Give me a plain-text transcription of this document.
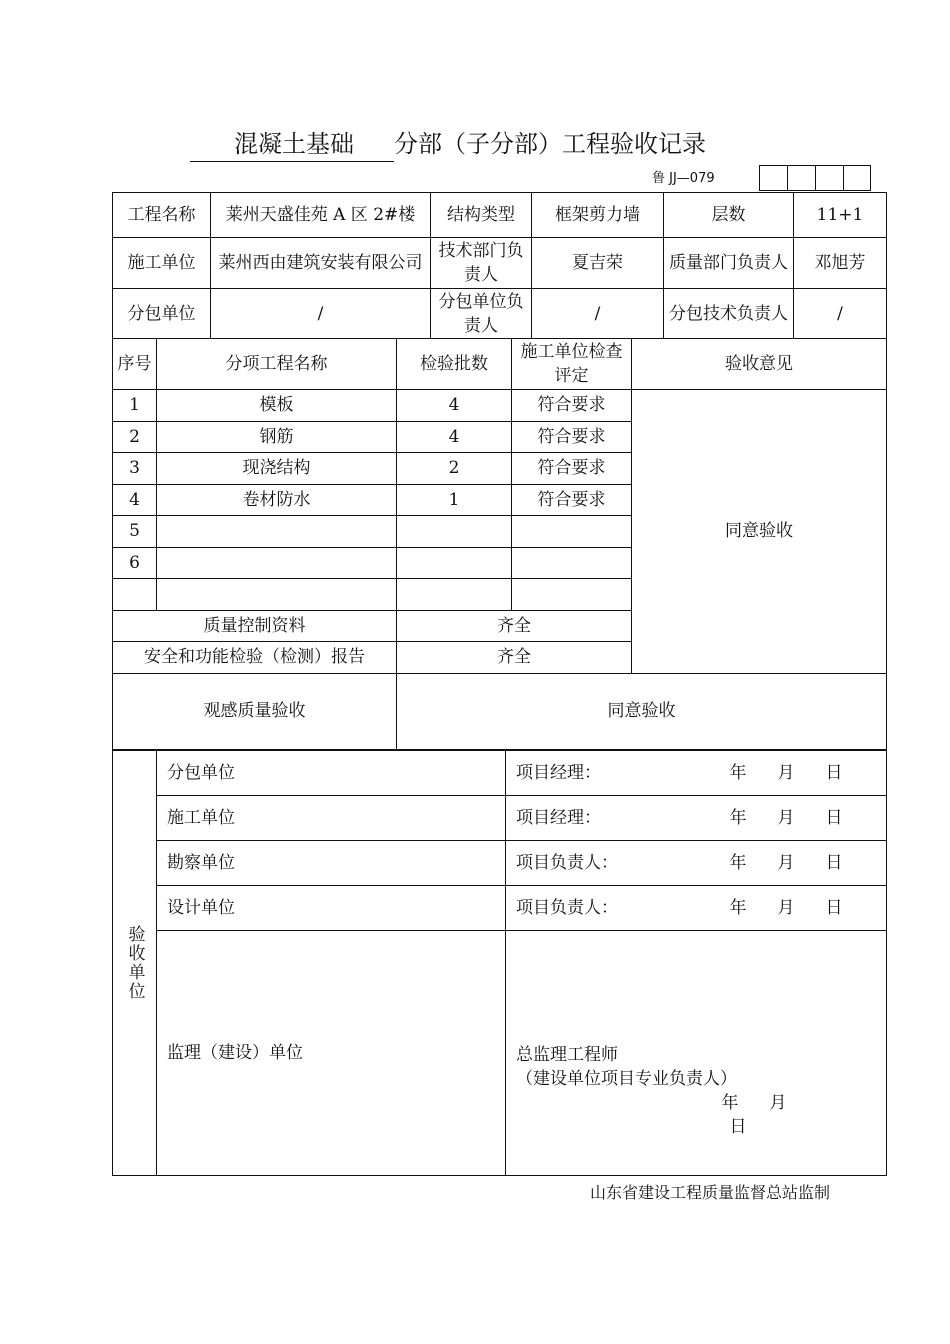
混凝土基础 分部（子分部）工程验收记录
鲁 JJ—079
工程名称	莱州天盛佳苑 A 区 2#楼	结构类型	框架剪力墙	层数	11+1
施工单位	莱州西由建筑安装有限公司	技术部门负责人	夏吉荣	质量部门负责人	邓旭芳
分包单位	/	分包单位负责人	/	分包技术负责人	/
序号	分项工程名称	检验批数	施工单位检查评定	验收意见
1	模板	4	符合要求	同意验收
2	钢筋	4	符合要求	
3	现浇结构	2	符合要求	
4	卷材防水	1	符合要求	
5				
6				

质量控制资料		齐全		
安全和功能检验（检测）报告		齐全		
观感质量验收		同意验收		
验收单位	分包单位	项目经理： 年 月 日

	施工单位	项目经理： 年 月 日

	勘察单位	项目负责人： 年 月 日

	设计单位	项目负责人： 年 月 日

	监理（建设）单位	总监理工程师
（建设单位项目专业负责人）
年 月日
山东省建设工程质量监督总站监制
